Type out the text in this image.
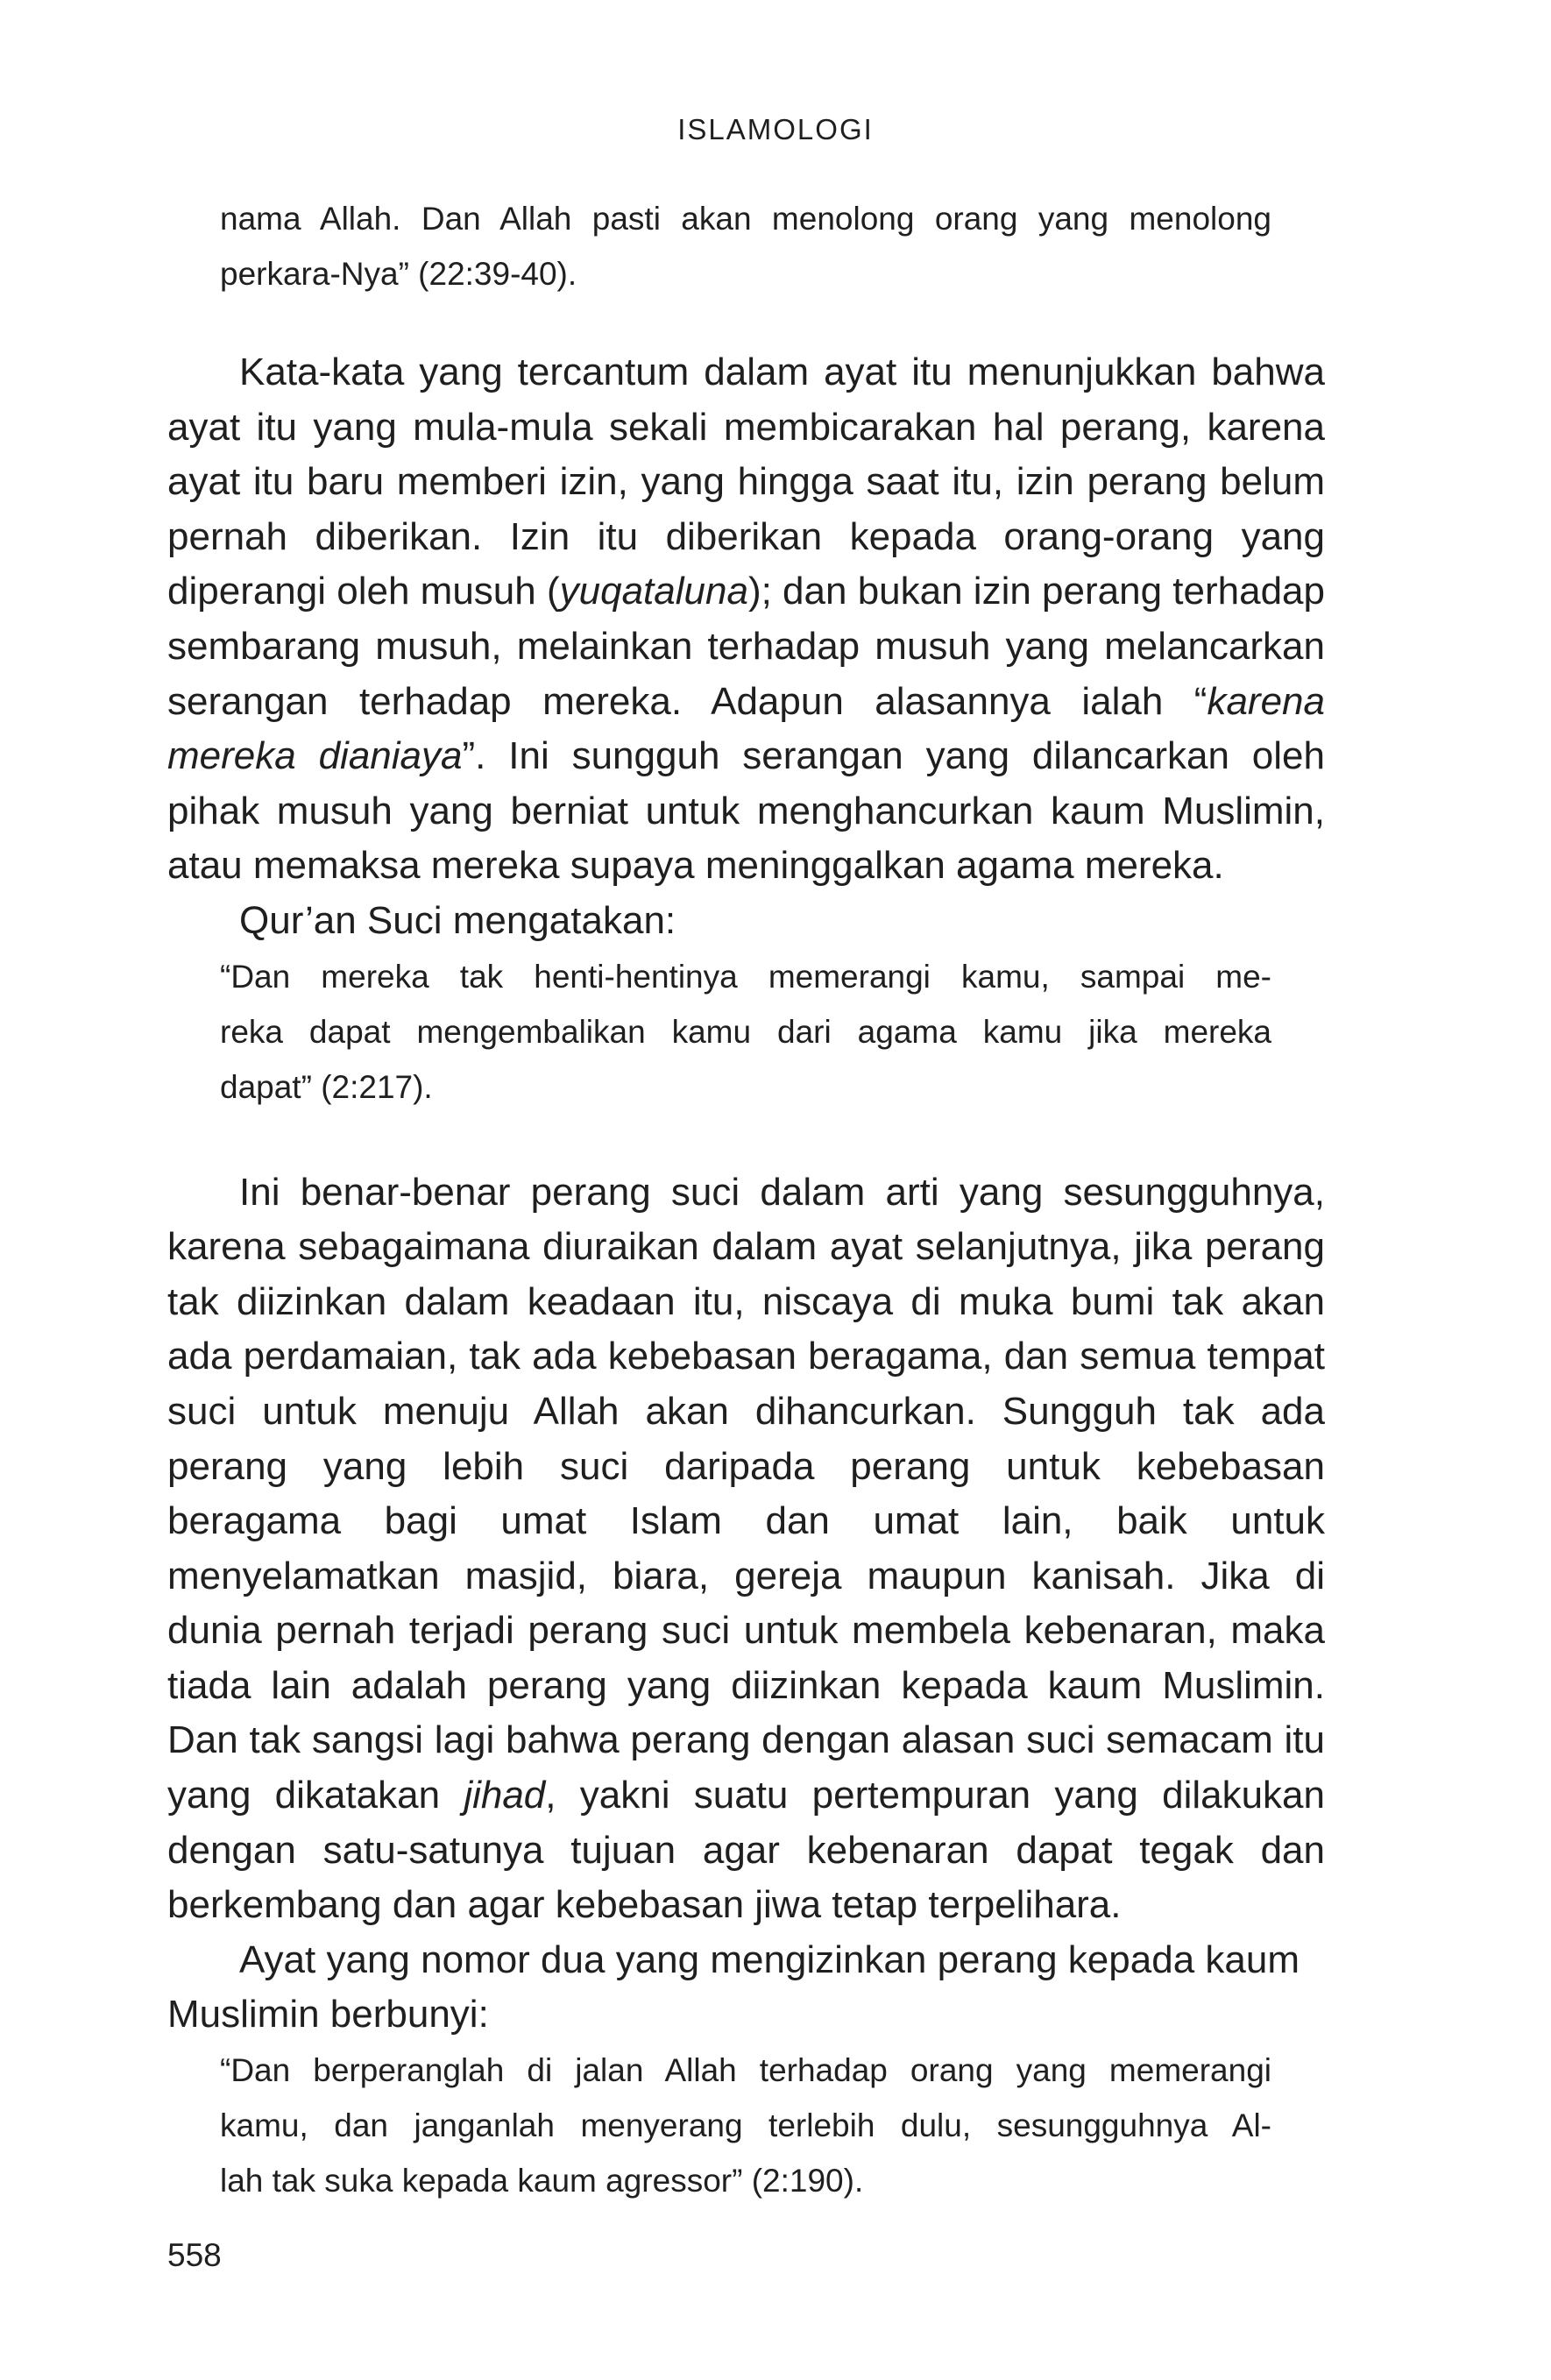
ISLAMOLOGI
nama Allah. Dan Allah pasti akan menolong orang yang menolong
perkara-Nya” (22:39-40).

Kata-kata yang tercantum dalam ayat itu menunjukkan bahwa ayat itu yang mula-mula sekali membicarakan hal perang, karena ayat itu baru memberi izin, yang hingga saat itu, izin perang belum pernah diberikan. Izin itu diberikan kepada orang-orang yang diperangi oleh musuh (yuqataluna); dan bukan izin perang terhadap sembarang musuh, melainkan terhadap musuh yang melancarkan serangan terhadap mereka. Adapun alasannya ialah “karena mereka dianiaya”. Ini sungguh serangan yang dilancarkan oleh pihak musuh yang berniat untuk menghancurkan kaum Muslimin, atau memaksa mereka supaya meninggalkan agama mereka.

Qur’an Suci mengatakan:

“Dan mereka tak henti-hentinya memerangi kamu, sampai me-
reka dapat mengembalikan kamu dari agama kamu jika mereka
dapat” (2:217).

Ini benar-benar perang suci dalam arti yang sesungguhnya, karena sebagaimana diuraikan dalam ayat selanjutnya, jika perang tak diizinkan dalam keadaan itu, niscaya di muka bumi tak akan ada perdamaian, tak ada kebebasan beragama, dan semua tempat suci untuk menuju Allah akan dihancurkan. Sungguh tak ada perang yang lebih suci daripada perang untuk kebebasan beragama bagi umat Islam dan umat lain, baik untuk menyelamatkan masjid, biara, gereja maupun kanisah. Jika di dunia pernah terjadi perang suci untuk membela kebenaran, maka tiada lain adalah perang yang diizinkan kepada kaum Muslimin. Dan tak sangsi lagi bahwa perang dengan alasan suci semacam itu yang dikatakan jihad, yakni suatu pertempuran yang dilakukan dengan satu-satunya tujuan agar kebenaran dapat tegak dan berkembang dan agar kebebasan jiwa tetap terpelihara.

Ayat yang nomor dua yang mengizinkan perang kepada kaum Muslimin berbunyi:

“Dan berperanglah di jalan Allah terhadap orang yang memerangi
kamu, dan janganlah menyerang terlebih dulu, sesungguhnya Al-
lah tak suka kepada kaum agressor” (2:190).
558
